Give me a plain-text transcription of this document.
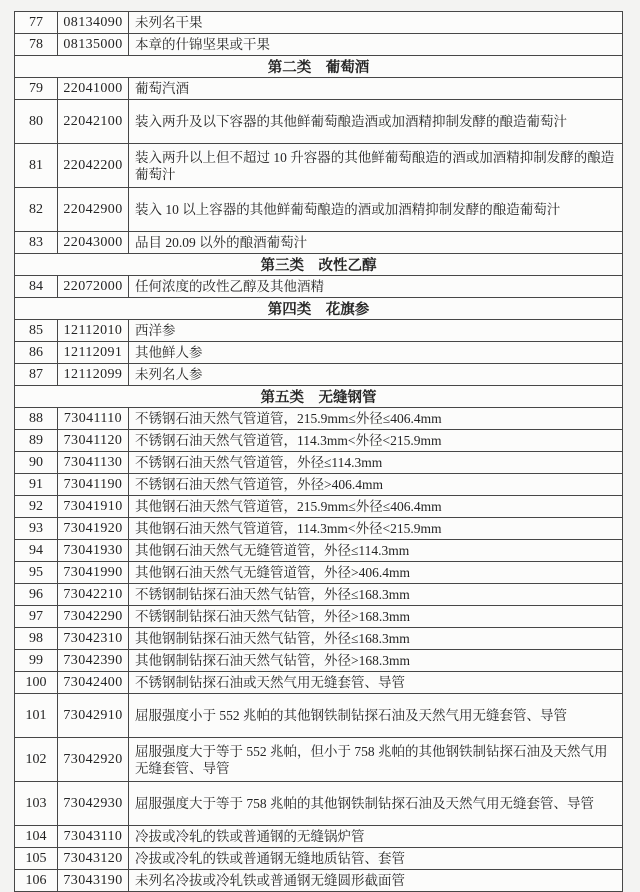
77	08134090	未列名干果
78	08135000	本章的什锦坚果或干果
第二类　葡萄酒		
79	22041000	葡萄汽酒
80	22042100	装入两升及以下容器的其他鲜葡萄酿造酒或加酒精抑制发酵的酿造葡萄汁
81	22042200	装入两升以上但不超过 10 升容器的其他鲜葡萄酿造的酒或加酒精抑制发酵的酿造葡萄汁
82	22042900	装入 10 以上容器的其他鲜葡萄酿造的酒或加酒精抑制发酵的酿造葡萄汁
83	22043000	品目 20.09 以外的酿酒葡萄汁
第三类　改性乙醇		
84	22072000	任何浓度的改性乙醇及其他酒精
第四类　花旗参		
85	12112010	西洋参
86	12112091	其他鲜人参
87	12112099	未列名人参
第五类　无缝钢管		
88	73041110	不锈钢石油天然气管道管，215.9mm≤外径≤406.4mm
89	73041120	不锈钢石油天然气管道管，114.3mm<外径<215.9mm
90	73041130	不锈钢石油天然气管道管，外径≤114.3mm
91	73041190	不锈钢石油天然气管道管，外径>406.4mm
92	73041910	其他钢石油天然气管道管，215.9mm≤外径≤406.4mm
93	73041920	其他钢石油天然气管道管，114.3mm<外径<215.9mm
94	73041930	其他钢石油天然气无缝管道管，外径≤114.3mm
95	73041990	其他钢石油天然气无缝管道管，外径>406.4mm
96	73042210	不锈钢制钻探石油天然气钻管，外径≤168.3mm
97	73042290	不锈钢制钻探石油天然气钻管，外径>168.3mm
98	73042310	其他钢制钻探石油天然气钻管，外径≤168.3mm
99	73042390	其他钢制钻探石油天然气钻管，外径>168.3mm
100	73042400	不锈钢制钻探石油或天然气用无缝套管、导管
101	73042910	屈服强度小于 552 兆帕的其他钢铁制钻探石油及天然气用无缝套管、导管
102	73042920	屈服强度大于等于 552 兆帕，但小于 758 兆帕的其他钢铁制钻探石油及天然气用无缝套管、导管
103	73042930	屈服强度大于等于 758 兆帕的其他钢铁制钻探石油及天然气用无缝套管、导管
104	73043110	冷拔或冷轧的铁或普通钢的无缝锅炉管
105	73043120	冷拔或冷轧的铁或普通钢无缝地质钻管、套管
106	73043190	未列名冷拔或冷轧铁或普通钢无缝圆形截面管
